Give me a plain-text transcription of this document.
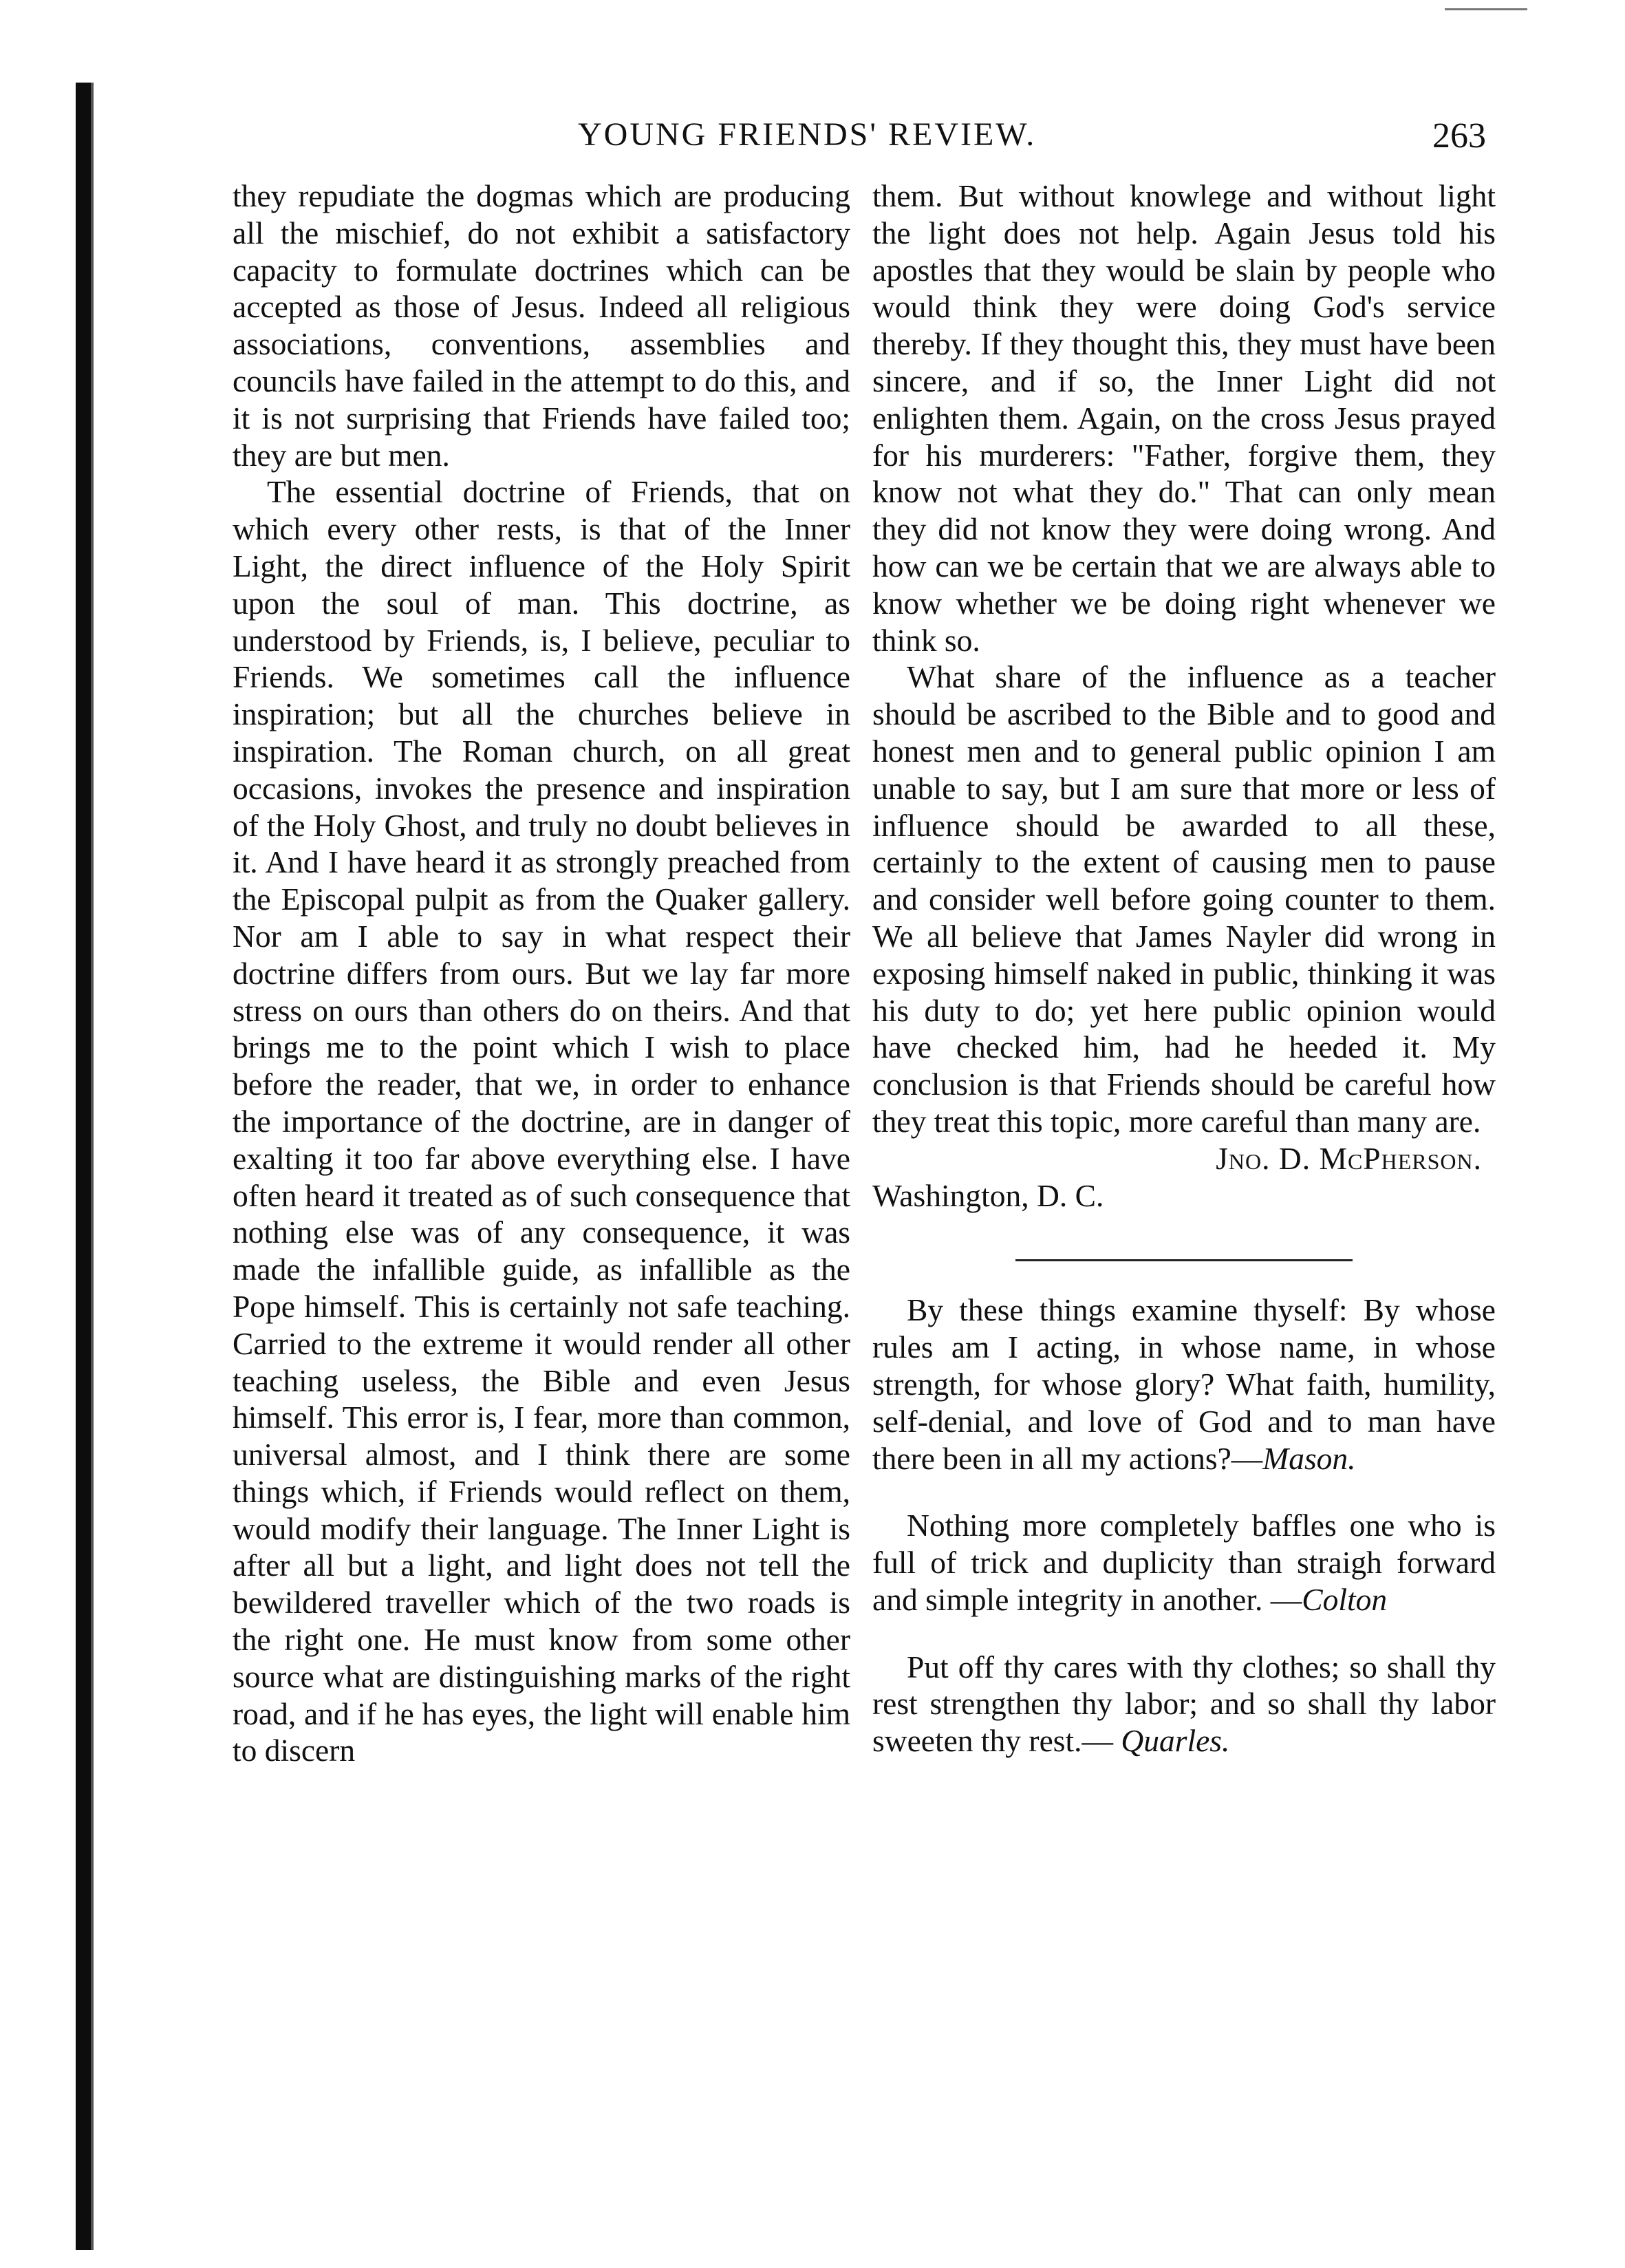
YOUNG FRIENDS' REVIEW.	263

they repudiate the dogmas which are producing all the mischief, do not exhibit a satisfactory capacity to formulate doctrines which can be accepted as those of Jesus. Indeed all religious associations, conventions, assemblies and councils have failed in the attempt to do this, and it is not surprising that Friends have failed too; they are but men.

The essential doctrine of Friends, that on which every other rests, is that of the Inner Light, the direct influence of the Holy Spirit upon the soul of man. This doctrine, as understood by Friends, is, I believe, peculiar to Friends. We sometimes call the influence inspiration; but all the churches believe in inspiration. The Roman church, on all great occasions, invokes the presence and inspiration of the Holy Ghost, and truly no doubt believes in it. And I have heard it as strongly preached from the Episcopal pulpit as from the Quaker gallery. Nor am I able to say in what respect their doctrine differs from ours. But we lay far more stress on ours than others do on theirs. And that brings me to the point which I wish to place before the reader, that we, in order to enhance the importance of the doctrine, are in danger of exalting it too far above everything else. I have often heard it treated as of such consequence that nothing else was of any consequence, it was made the infallible guide, as infallible as the Pope himself. This is certainly not safe teaching. Carried to the extreme it would render all other teaching useless, the Bible and even Jesus himself. This error is, I fear, more than common, universal almost, and I think there are some things which, if Friends would reflect on them, would modify their language. The Inner Light is after all but a light, and light does not tell the bewildered traveller which of the two roads is the right one. He must know from some other source what are distinguishing marks of the right road, and if he has eyes, the light will enable him to discern

them. But without knowlege and without light the light does not help. Again Jesus told his apostles that they would be slain by people who would think they were doing God's service thereby. If they thought this, they must have been sincere, and if so, the Inner Light did not enlighten them. Again, on the cross Jesus prayed for his murderers: "Father, forgive them, they know not what they do." That can only mean they did not know they were doing wrong. And how can we be certain that we are always able to know whether we be doing right whenever we think so.

What share of the influence as a teacher should be ascribed to the Bible and to good and honest men and to general public opinion I am unable to say, but I am sure that more or less of influence should be awarded to all these, certainly to the extent of causing men to pause and consider well before going counter to them. We all believe that James Nayler did wrong in exposing himself naked in public, thinking it was his duty to do; yet here public opinion would have checked him, had he heeded it. My conclusion is that Friends should be careful how they treat this topic, more careful than many are.

Jno. D. McPherson.

Washington, D. C.

By these things examine thyself: By whose rules am I acting, in whose name, in whose strength, for whose glory? What faith, humility, self-denial, and love of God and to man have there been in all my actions?—Mason.

Nothing more completely baffles one who is full of trick and duplicity than straigh forward and simple integrity in another. —Colton

Put off thy cares with thy clothes; so shall thy rest strengthen thy labor; and so shall thy labor sweeten thy rest.— Quarles.
